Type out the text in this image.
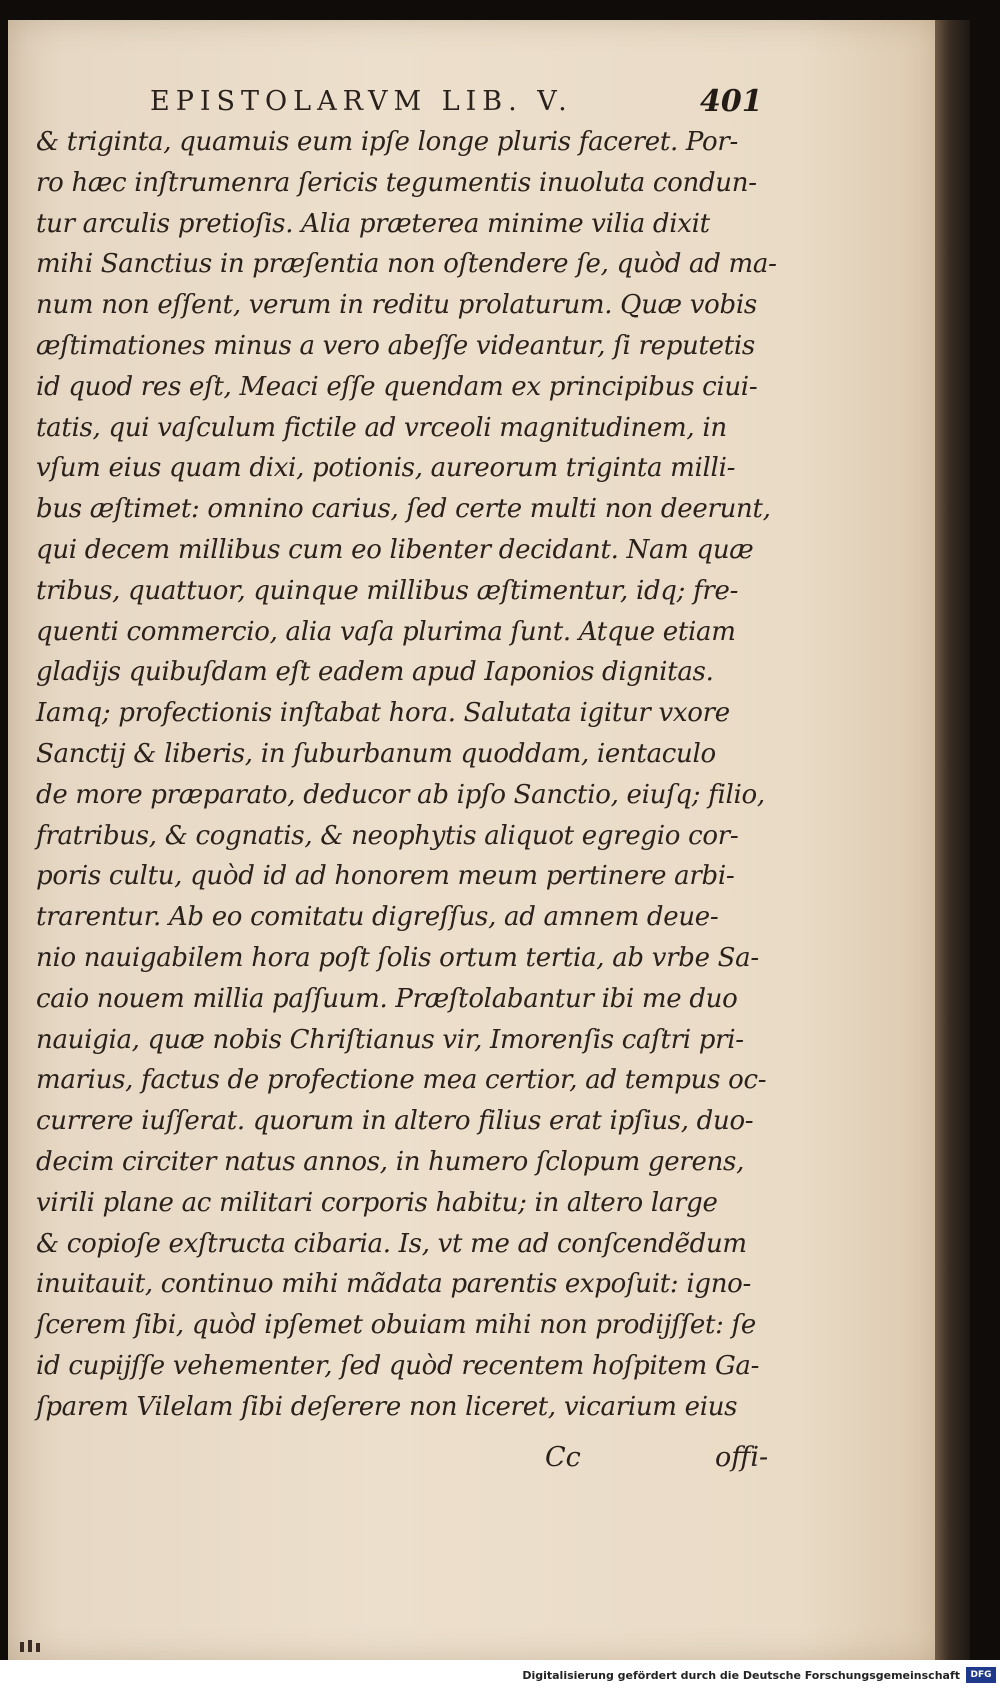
EPISTOLARVM LIB. V.	401
& triginta, quamuis eum ipſe longe pluris faceret. Por-
ro hæc inſtrumenra ſericis tegumentis inuoluta condun-
tur arculis pretioſis. Alia præterea minime vilia dixit
mihi Sanctius in præſentia non oſtendere ſe, quòd ad ma-
num non eſſent, verum in reditu prolaturum. Quæ vobis
æſtimationes minus a vero abeſſe videantur, ſi reputetis
id quod res eſt, Meaci eſſe quendam ex principibus ciui-
tatis, qui vaſculum fictile ad vrceoli magnitudinem, in
vſum eius quam dixi, potionis, aureorum triginta milli-
bus æſtimet: omnino carius, ſed certe multi non deerunt,
qui decem millibus cum eo libenter decidant. Nam quæ
tribus, quattuor, quinque millibus æſtimentur, idq; fre-
quenti commercio, alia vaſa plurima ſunt. Atque etiam
gladijs quibuſdam eſt eadem apud Iaponios dignitas.
Iamq; profectionis inſtabat hora. Salutata igitur vxore
Sanctij & liberis, in ſuburbanum quoddam, ientaculo
de more præparato, deducor ab ipſo Sanctio, eiuſq; filio,
fratribus, & cognatis, & neophytis aliquot egregio cor-
poris cultu, quòd id ad honorem meum pertinere arbi-
trarentur. Ab eo comitatu digreſſus, ad amnem deue-
nio nauigabilem hora poſt ſolis ortum tertia, ab vrbe Sa-
caio nouem millia paſſuum. Præſtolabantur ibi me duo
nauigia, quæ nobis Chriſtianus vir, Imorenſis caſtri pri-
marius, factus de profectione mea certior, ad tempus oc-
currere iuſſerat. quorum in altero filius erat ipſius, duo-
decim circiter natus annos, in humero ſclopum gerens,
virili plane ac militari corporis habitu; in altero large
& copioſe exſtructa cibaria. Is, vt me ad conſcendẽdum
inuitauit, continuo mihi mãdata parentis expoſuit: igno-
ſcerem ſibi, quòd ipſemet obuiam mihi non prodijſſet: ſe
id cupijſſe vehementer, ſed quòd recentem hoſpitem Ga-
ſparem Vilelam ſibi deſerere non liceret, vicarium eius
Cc	offi-
Digitalisierung gefördert durch die Deutsche Forschungsgemeinschaft	DFG
